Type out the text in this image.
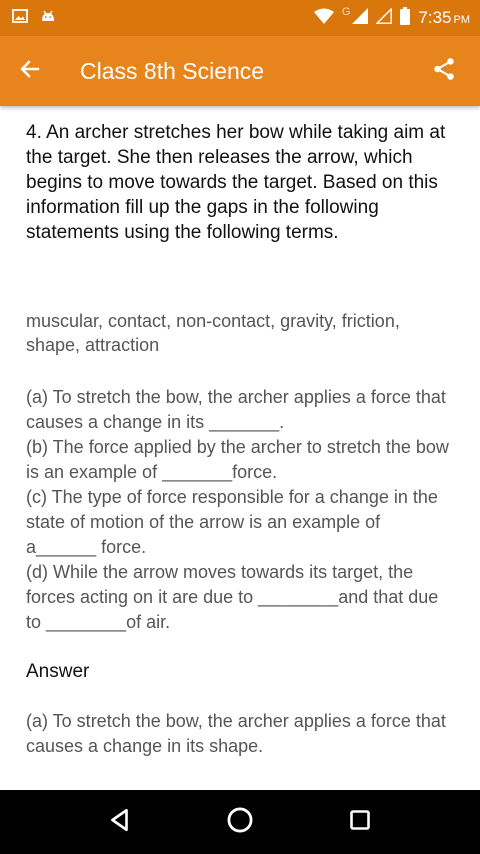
G	7:35 PM
Class 8th Science

4. An archer stretches her bow while taking aim at the target. She then releases the arrow, which begins to move towards the target. Based on this information fill up the gaps in the following statements using the following terms.

muscular, contact, non-contact, gravity, friction, shape, attraction

(a) To stretch the bow, the archer applies a force that causes a change in its _______.

(b) The force applied by the archer to stretch the bow is an example of _______force.

(c) The type of force responsible for a change in the state of motion of the arrow is an example of a______ force.

(d) While the arrow moves towards its target, the forces acting on it are due to ________and that due to ________of air.

Answer

(a) To stretch the bow, the archer applies a force that causes a change in its shape.
